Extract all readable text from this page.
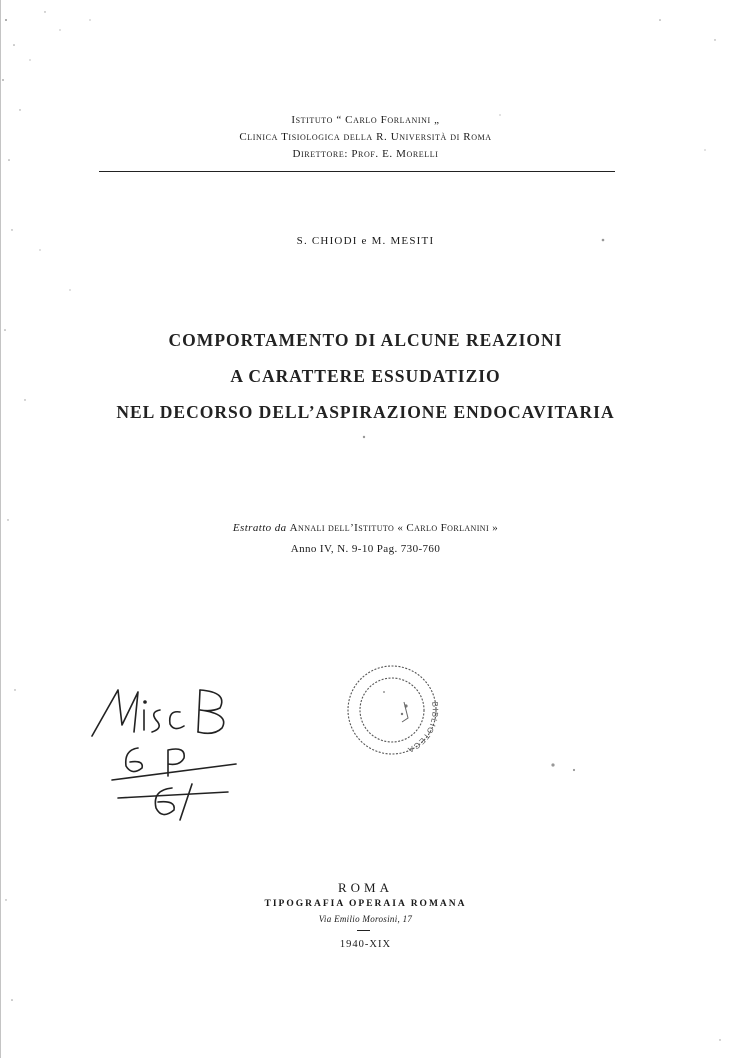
Istituto “ Carlo Forlanini „
Clinica Tisiologica della R. Università di Roma
Direttore: Prof. E. Morelli
S. CHIODI e M. MESITI
COMPORTAMENTO DI ALCUNE REAZIONI
A CARATTERE ESSUDATIZIO
NEL DECORSO DELL’ASPIRAZIONE ENDOCAVITARIA
Estratto da Annali dell’Istituto « Carlo Forlanini »
Anno IV, N. 9-10 Pag. 730-760
BIBLIOTECA
ROMA
TIPOGRAFIA OPERAIA ROMANA
Via Emilio Morosini, 17
1940-XIX
